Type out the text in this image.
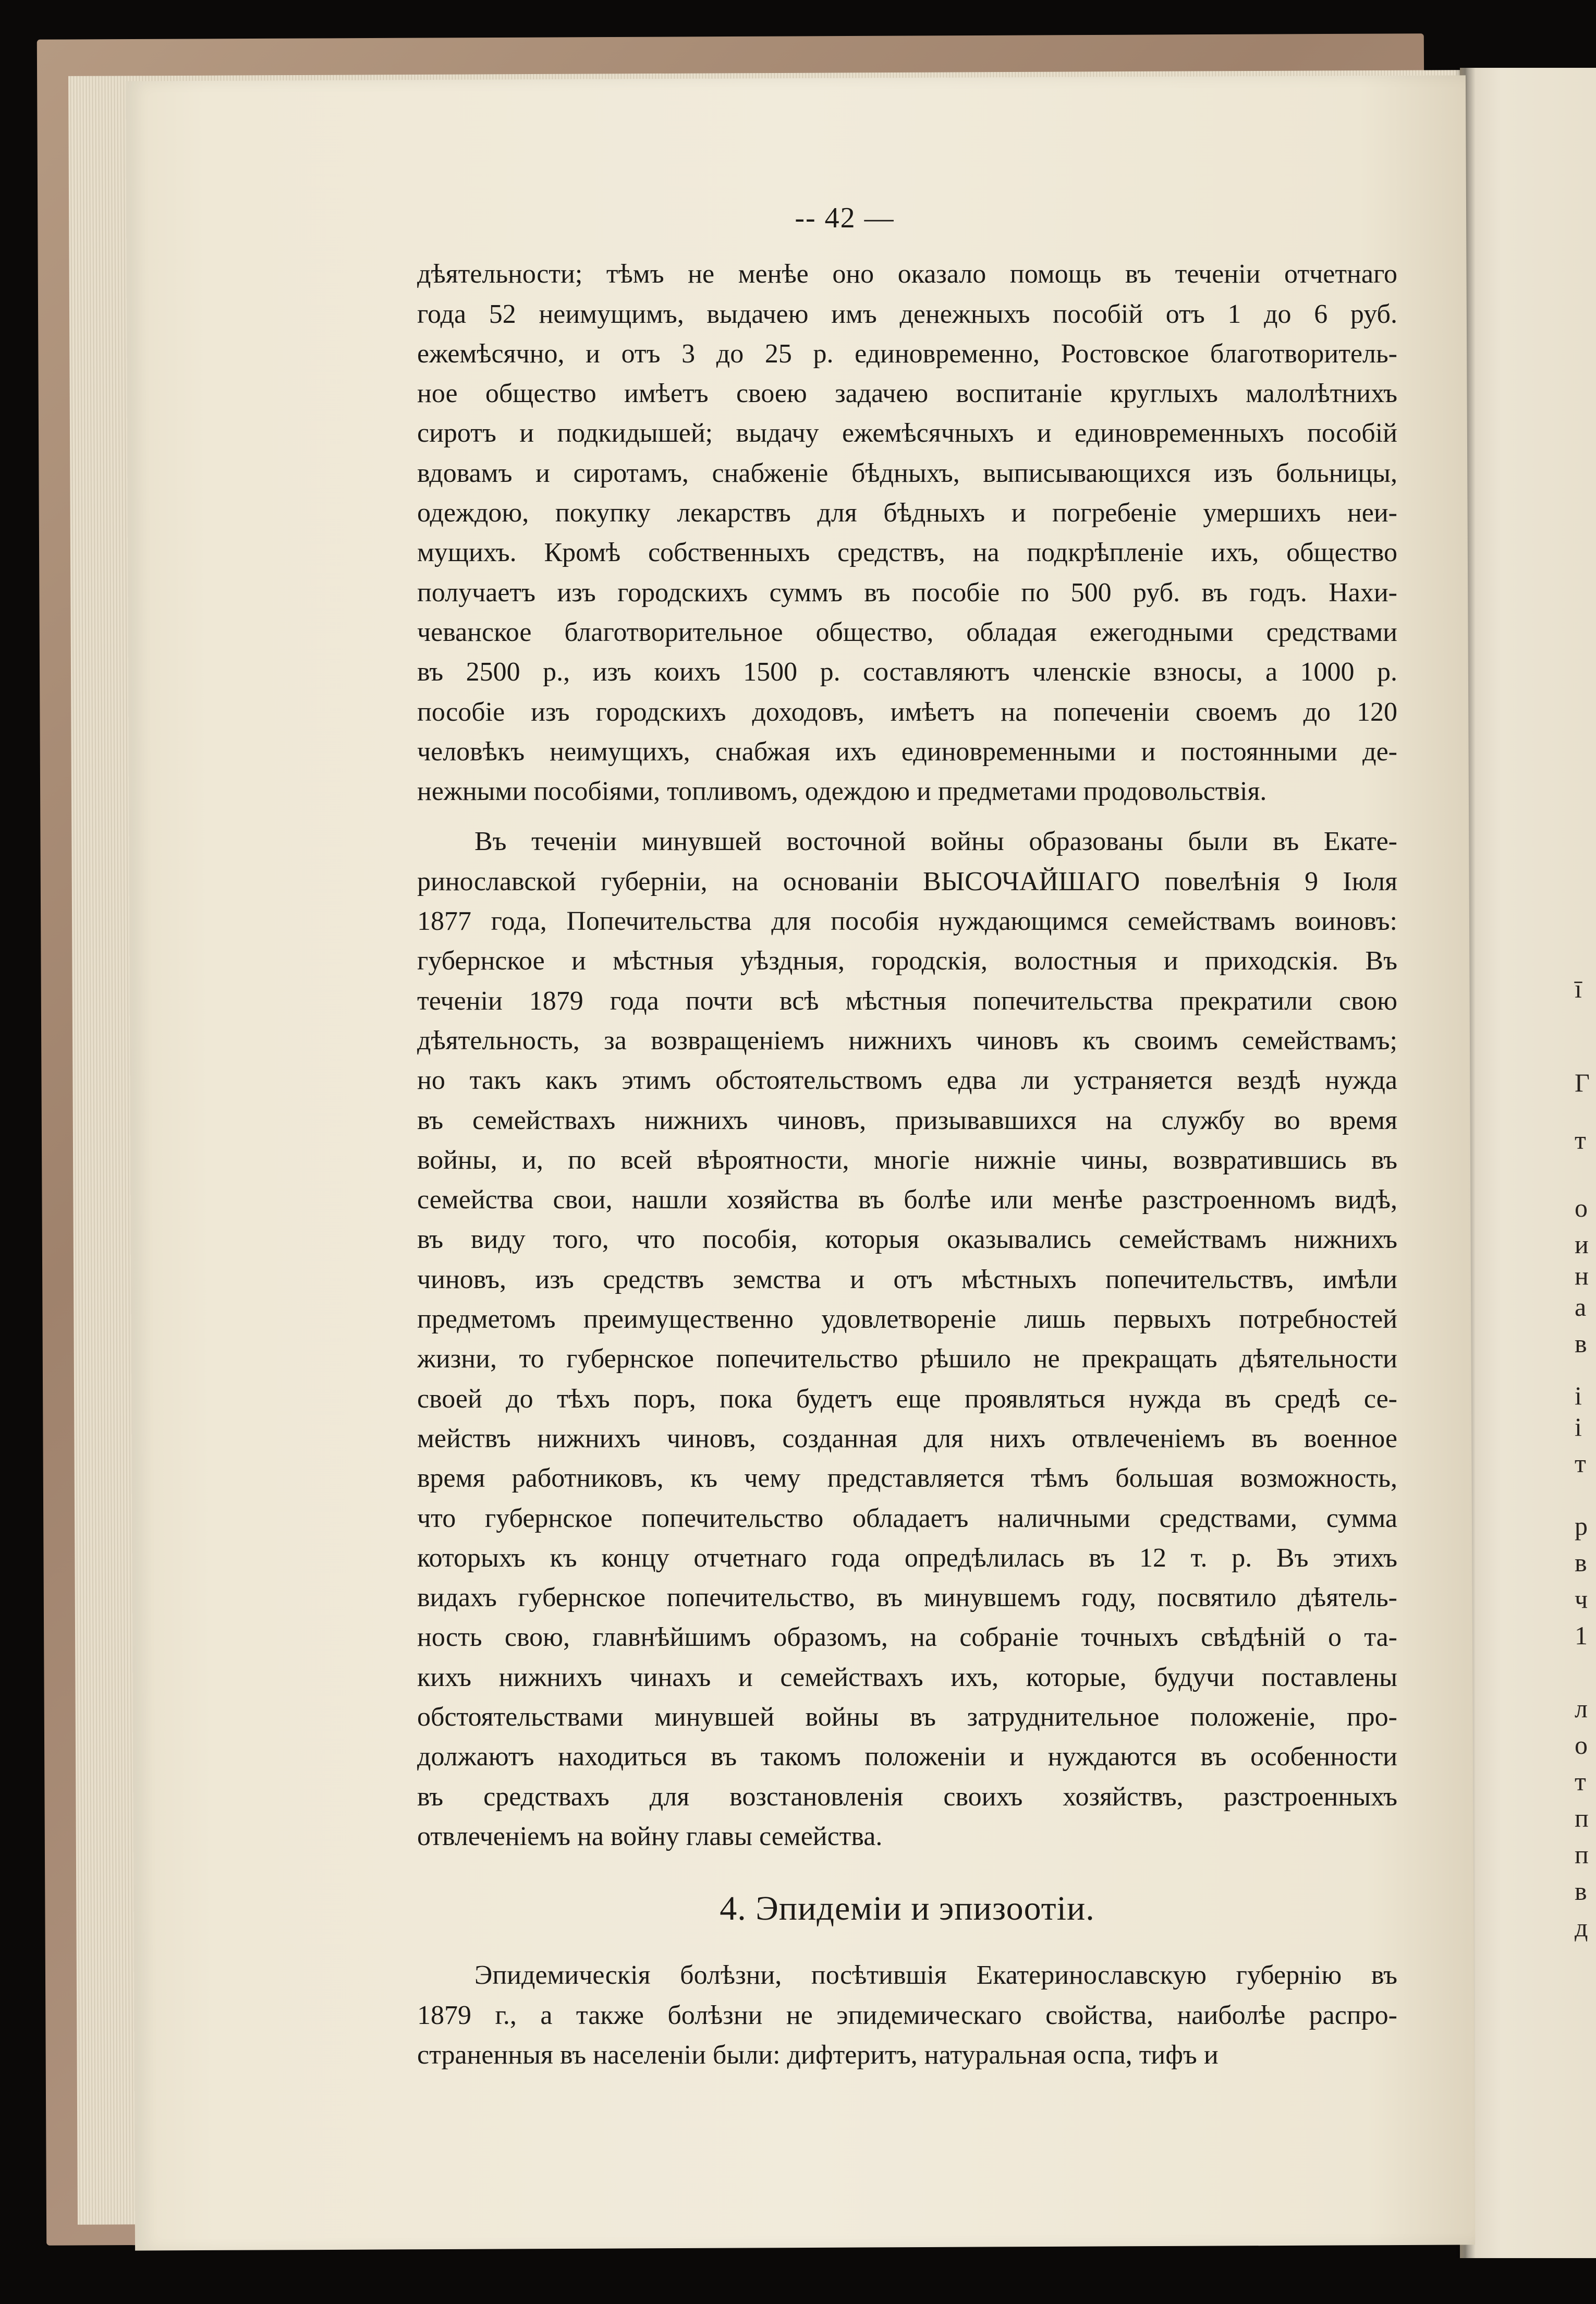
-- 42 —
дѣятельности; тѣмъ не менѣе оно оказало помощь въ теченіи отчетнаго
года 52 неимущимъ, выдачею имъ денежныхъ пособій отъ 1 до 6 руб.
ежемѣсячно, и отъ 3 до 25 р. единовременно, Ростовское благотворитель-
ное общество имѣетъ своею задачею воспитаніе круглыхъ малолѣтнихъ
сиротъ и подкидышей; выдачу ежемѣсячныхъ и единовременныхъ пособій
вдовамъ и сиротамъ, снабженіе бѣдныхъ, выписывающихся изъ больницы,
одеждою, покупку лекарствъ для бѣдныхъ и погребеніе умершихъ неи-
мущихъ. Кромѣ собственныхъ средствъ, на подкрѣпленіе ихъ, общество
получаетъ изъ городскихъ суммъ въ пособіе по 500 руб. въ годъ. Нахи-
чеванское благотворительное общество, обладая ежегодными средствами
въ 2500 р., изъ коихъ 1500 р. составляютъ членскіе взносы, а 1000 р.
пособіе изъ городскихъ доходовъ, имѣетъ на попеченіи своемъ до 120
человѣкъ неимущихъ, снабжая ихъ единовременными и постоянными де-
нежными пособіями, топливомъ, одеждою и предметами продовольствія.
Въ теченіи минувшей восточной войны образованы были въ Екате-
ринославской губерніи, на основаніи ВЫСОЧАЙШАГО повелѣнія 9 Іюля
1877 года, Попечительства для пособія нуждающимся семействамъ воиновъ:
губернское и мѣстныя уѣздныя, городскія, волостныя и приходскія. Въ
теченіи 1879 года почти всѣ мѣстныя попечительства прекратили свою
дѣятельность, за возвращеніемъ нижнихъ чиновъ къ своимъ семействамъ;
но такъ какъ этимъ обстоятельствомъ едва ли устраняется вездѣ нужда
въ семействахъ нижнихъ чиновъ, призывавшихся на службу во время
войны, и, по всей вѣроятности, многіе нижніе чины, возвратившись въ
семейства свои, нашли хозяйства въ болѣе или менѣе разстроенномъ видѣ,
въ виду того, что пособія, которыя оказывались семействамъ нижнихъ
чиновъ, изъ средствъ земства и отъ мѣстныхъ попечительствъ, имѣли
предметомъ преимущественно удовлетвореніе лишь первыхъ потребностей
жизни, то губернское попечительство рѣшило не прекращать дѣятельности
своей до тѣхъ поръ, пока будетъ еще проявляться нужда въ средѣ се-
мействъ нижнихъ чиновъ, созданная для нихъ отвлеченіемъ въ военное
время работниковъ, къ чему представляется тѣмъ большая возможность,
что губернское попечительство обладаетъ наличными средствами, сумма
которыхъ къ концу отчетнаго года опредѣлилась въ 12 т. р. Въ этихъ
видахъ губернское попечительство, въ минувшемъ году, посвятило дѣятель-
ность свою, главнѣйшимъ образомъ, на собраніе точныхъ свѣдѣній о та-
кихъ нижнихъ чинахъ и семействахъ ихъ, которые, будучи поставлены
обстоятельствами минувшей войны въ затруднительное положеніе, про-
должаютъ находиться въ такомъ положеніи и нуждаются въ особенности
въ средствахъ для возстановленія своихъ хозяйствъ, разстроенныхъ
отвлеченіемъ на войну главы семейства.
4. Эпидеміи и эпизоотіи.
Эпидемическія болѣзни, посѣтившія Екатеринославскую губернію въ
1879 г., а также болѣзни не эпидемическаго свойства, наиболѣе распро-
страненныя въ населеніи были: дифтеритъ, натуральная оспа, тифъ и
ī
Г
т
о
и
н
а
в
і
і
т
р
в
ч
1
л
о
т
п
п
в
д
